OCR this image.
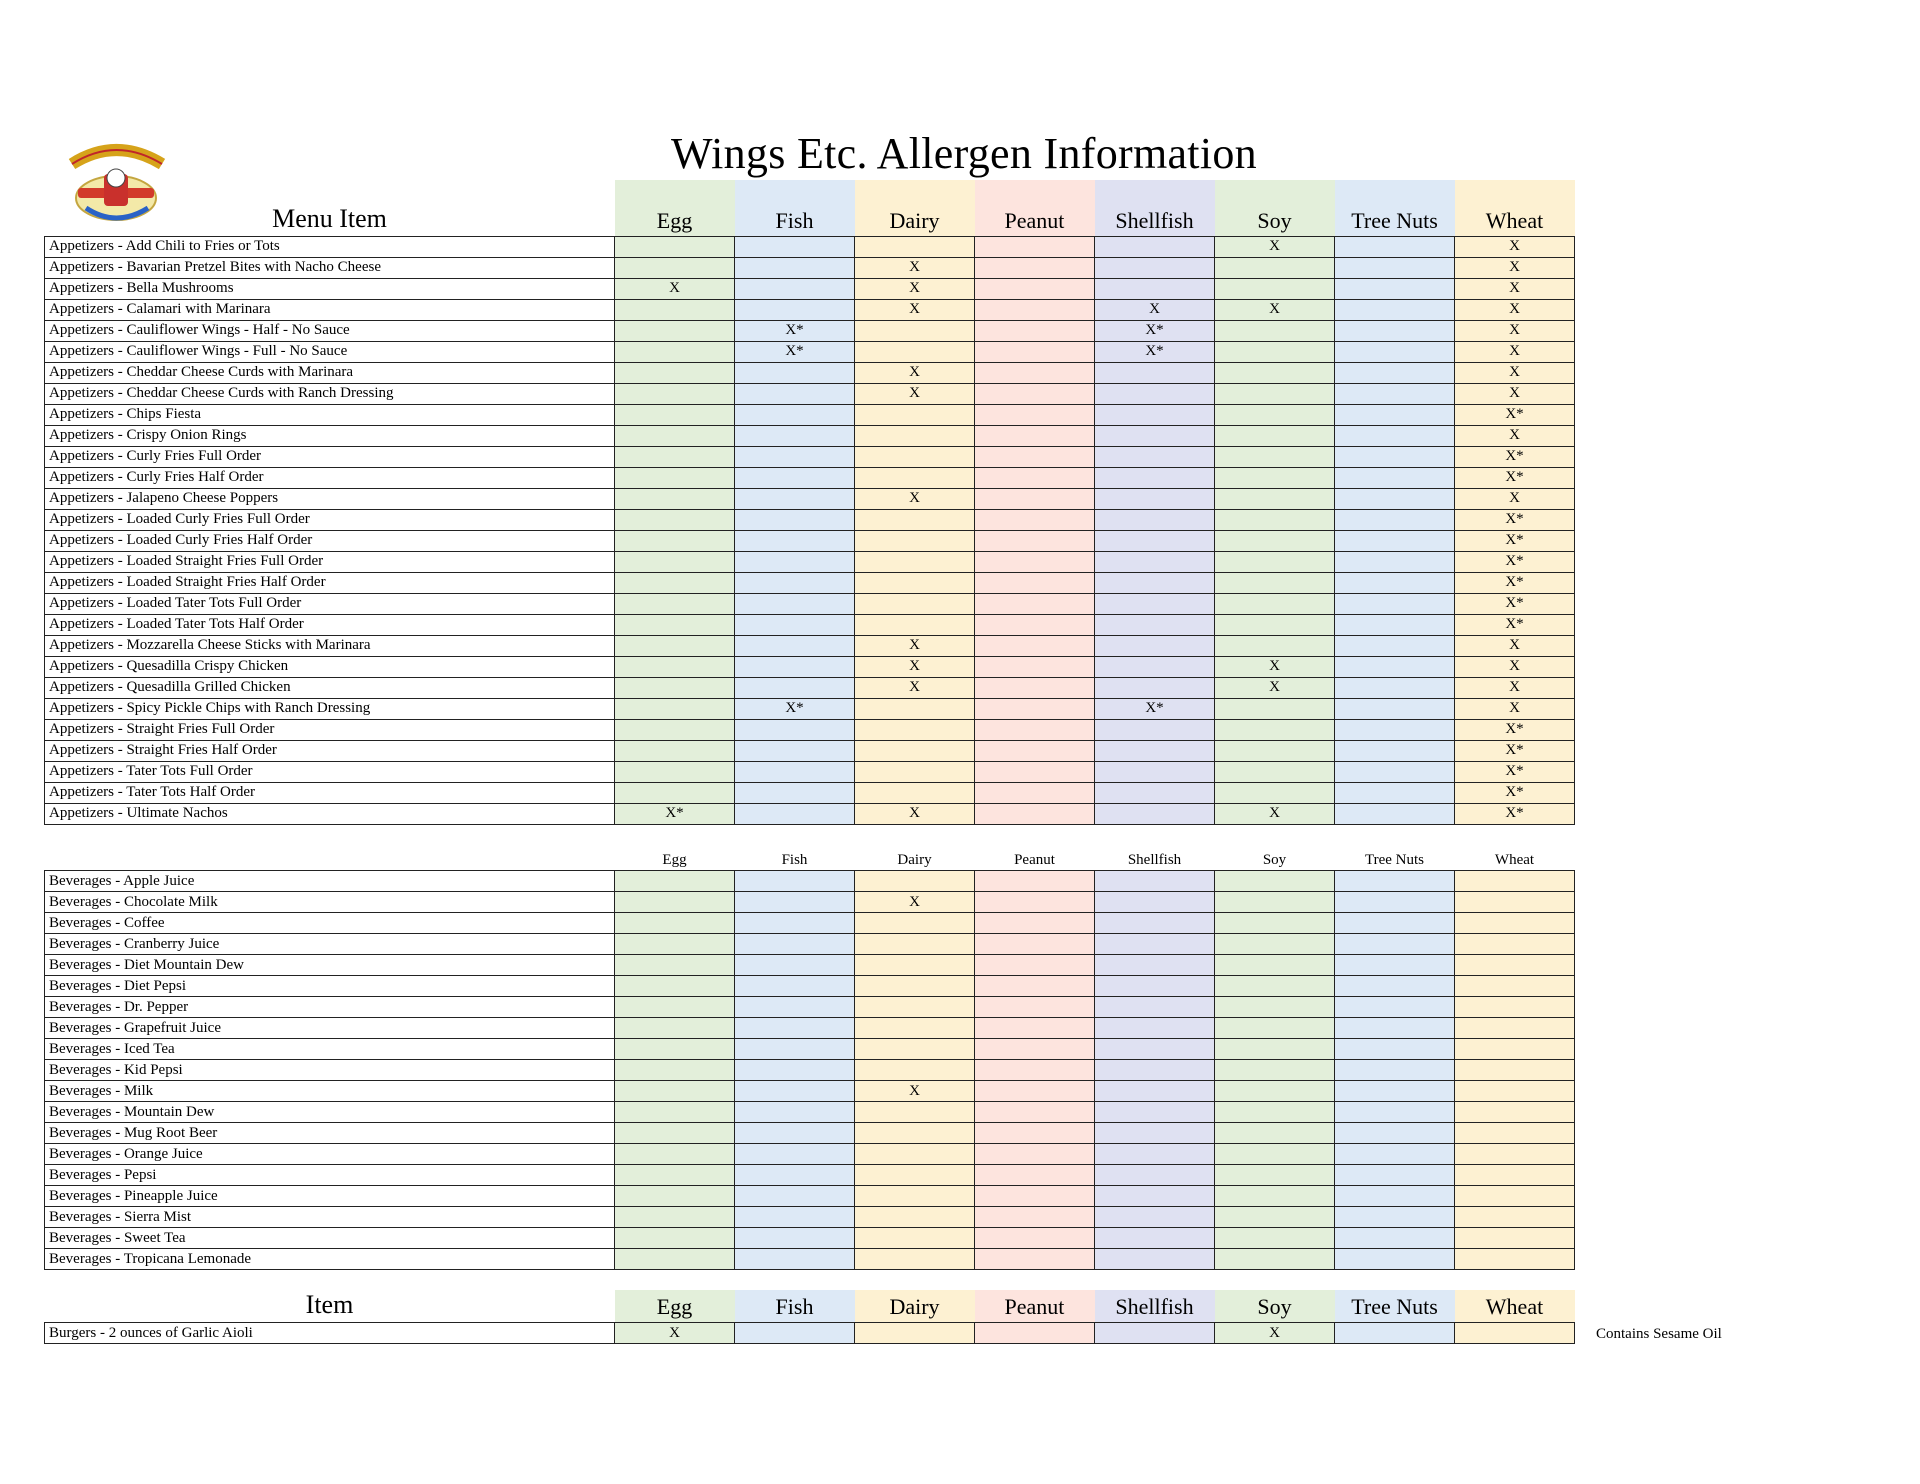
Wings Etc. Allergen Information
Menu Item	Egg	Fish	Dairy	Peanut	Shellfish	Soy	Tree Nuts	Wheat
Appetizers - Add Chili to Fries or Tots						X		X
Appetizers - Bavarian Pretzel Bites with Nacho Cheese			X					X
Appetizers - Bella Mushrooms	X		X					X
Appetizers - Calamari with Marinara			X		X	X		X
Appetizers - Cauliflower Wings - Half - No Sauce		X*			X*			X
Appetizers - Cauliflower Wings - Full - No Sauce		X*			X*			X
Appetizers - Cheddar Cheese Curds with Marinara			X					X
Appetizers - Cheddar Cheese Curds with Ranch Dressing			X					X
Appetizers - Chips Fiesta								X*
Appetizers - Crispy Onion Rings								X
Appetizers - Curly Fries Full Order								X*
Appetizers - Curly Fries Half Order								X*
Appetizers - Jalapeno Cheese Poppers			X					X
Appetizers - Loaded Curly Fries Full Order								X*
Appetizers - Loaded Curly Fries Half Order								X*
Appetizers - Loaded Straight Fries Full Order								X*
Appetizers - Loaded Straight Fries Half Order								X*
Appetizers - Loaded Tater Tots Full Order								X*
Appetizers - Loaded Tater Tots Half Order								X*
Appetizers - Mozzarella Cheese Sticks with Marinara			X					X
Appetizers - Quesadilla Crispy Chicken			X			X		X
Appetizers - Quesadilla Grilled Chicken			X			X		X
Appetizers - Spicy Pickle Chips with Ranch Dressing		X*			X*			X
Appetizers - Straight Fries Full Order								X*
Appetizers - Straight Fries Half Order								X*
Appetizers - Tater Tots Full Order								X*
Appetizers - Tater Tots Half Order								X*
Appetizers - Ultimate Nachos	X*		X			X		X*
	Egg	Fish	Dairy	Peanut	Shellfish	Soy	Tree Nuts	Wheat
Beverages - Apple Juice								
Beverages - Chocolate Milk			X					
Beverages - Coffee								
Beverages - Cranberry Juice								
Beverages - Diet Mountain Dew								
Beverages - Diet Pepsi								
Beverages - Dr. Pepper								
Beverages - Grapefruit Juice								
Beverages - Iced Tea								
Beverages - Kid Pepsi								
Beverages - Milk			X					
Beverages - Mountain Dew								
Beverages - Mug Root Beer								
Beverages - Orange Juice								
Beverages - Pepsi								
Beverages - Pineapple Juice								
Beverages - Sierra Mist								
Beverages - Sweet Tea								
Beverages - Tropicana Lemonade								
Item	Egg	Fish	Dairy	Peanut	Shellfish	Soy	Tree Nuts	Wheat
Burgers - 2 ounces of Garlic Aioli	X					X			Contains Sesame Oil
